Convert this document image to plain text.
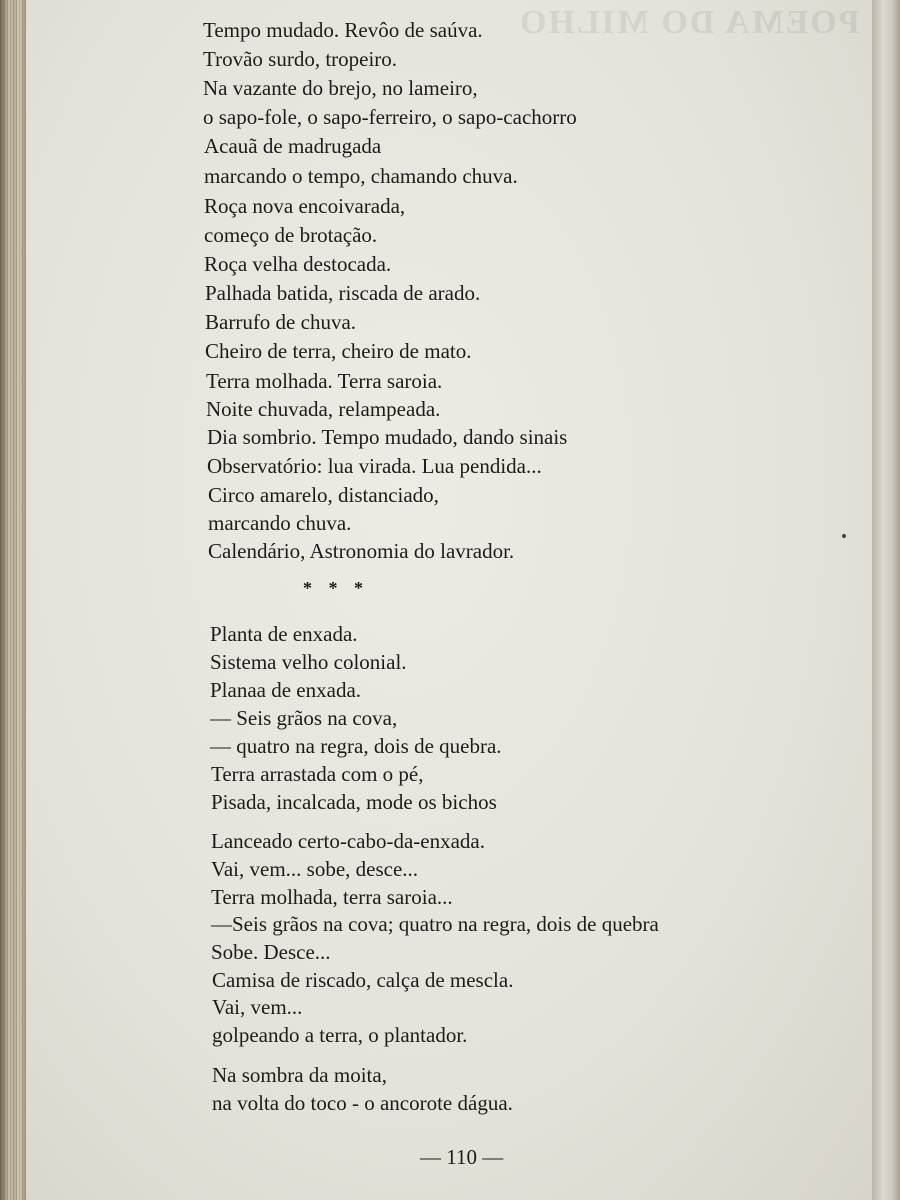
POEMA DO MILHO
Tempo mudado. Revôo de saúva.
Trovão surdo, tropeiro.
Na vazante do brejo, no lameiro,
o sapo-fole, o sapo-ferreiro, o sapo-cachorro
Acauã de madrugada
marcando o tempo, chamando chuva.
Roça nova encoivarada,
começo de brotação.
Roça velha destocada.
Palhada batida, riscada de arado.
Barrufo de chuva.
Cheiro de terra, cheiro de mato.
Terra molhada. Terra saroia.
Noite chuvada, relampeada.
Dia sombrio. Tempo mudado, dando sinais
Observatório: lua virada. Lua pendida...
Circo amarelo, distanciado,
marcando chuva.
Calendário, Astronomia do lavrador.
Planta de enxada.
Sistema velho colonial.
Planaa de enxada.
— Seis grãos na cova,
— quatro na regra, dois de quebra.
Terra arrastada com o pé,
Pisada, incalcada, mode os bichos
Lanceado certo-cabo-da-enxada.
Vai, vem... sobe, desce...
Terra molhada, terra saroia...
—Seis grãos na cova; quatro na regra, dois de quebra
Sobe. Desce...
Camisa de riscado, calça de mescla.
Vai, vem...
golpeando a terra, o plantador.
Na sombra da moita,
na volta do toco - o ancorote dágua.
* * *
— 110 —
